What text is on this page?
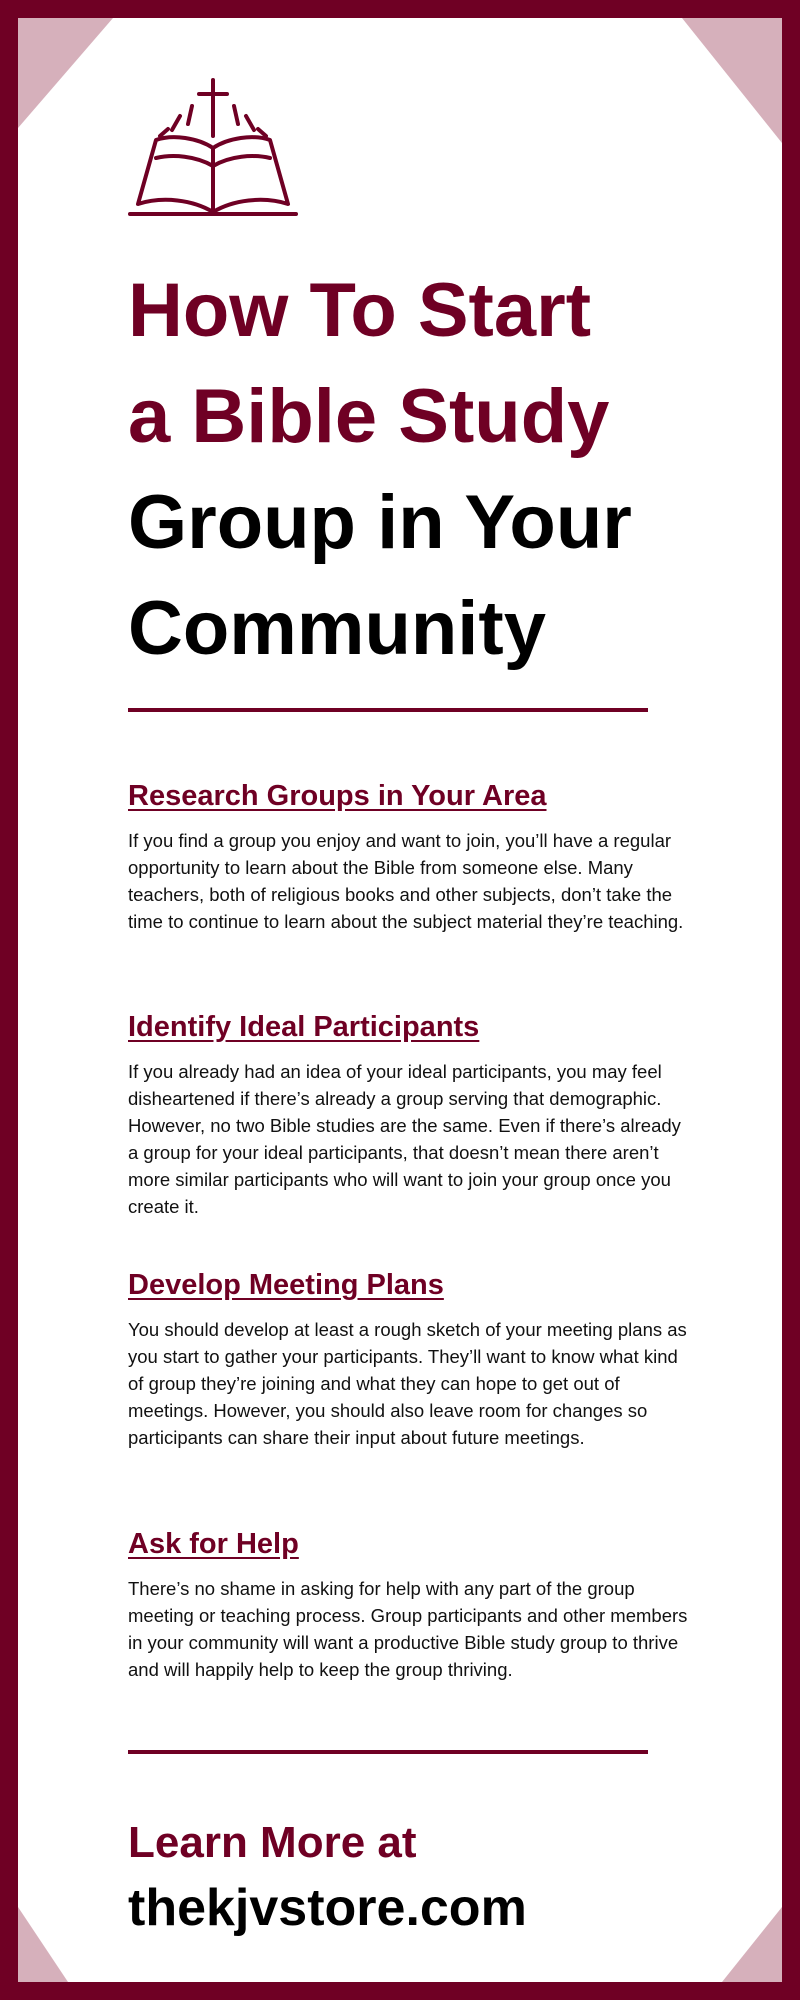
How To Start
a Bible Study
Group in Your
Community
Research Groups in Your Area

If you find a group you enjoy and want to join, you’ll have a regular opportunity to learn about the Bible from someone else. Many teachers, both of religious books and other subjects, don’t take the time to continue to learn about the subject material they’re teaching.

Identify Ideal Participants

If you already had an idea of your ideal participants, you may feel disheartened if there’s already a group serving that demographic. However, no two Bible studies are the same. Even if there’s already a group for your ideal participants, that doesn’t mean there aren’t more similar participants who will want to join your group once you create it.

Develop Meeting Plans

You should develop at least a rough sketch of your meeting plans as you start to gather your participants. They’ll want to know what kind of group they’re joining and what they can hope to get out of meetings. However, you should also leave room for changes so participants can share their input about future meetings.

Ask for Help

There’s no shame in asking for help with any part of the group meeting or teaching process. Group participants and other members in your community will want a productive Bible study group to thrive and will happily help to keep the group thriving.

Learn More at
thekjvstore.com
